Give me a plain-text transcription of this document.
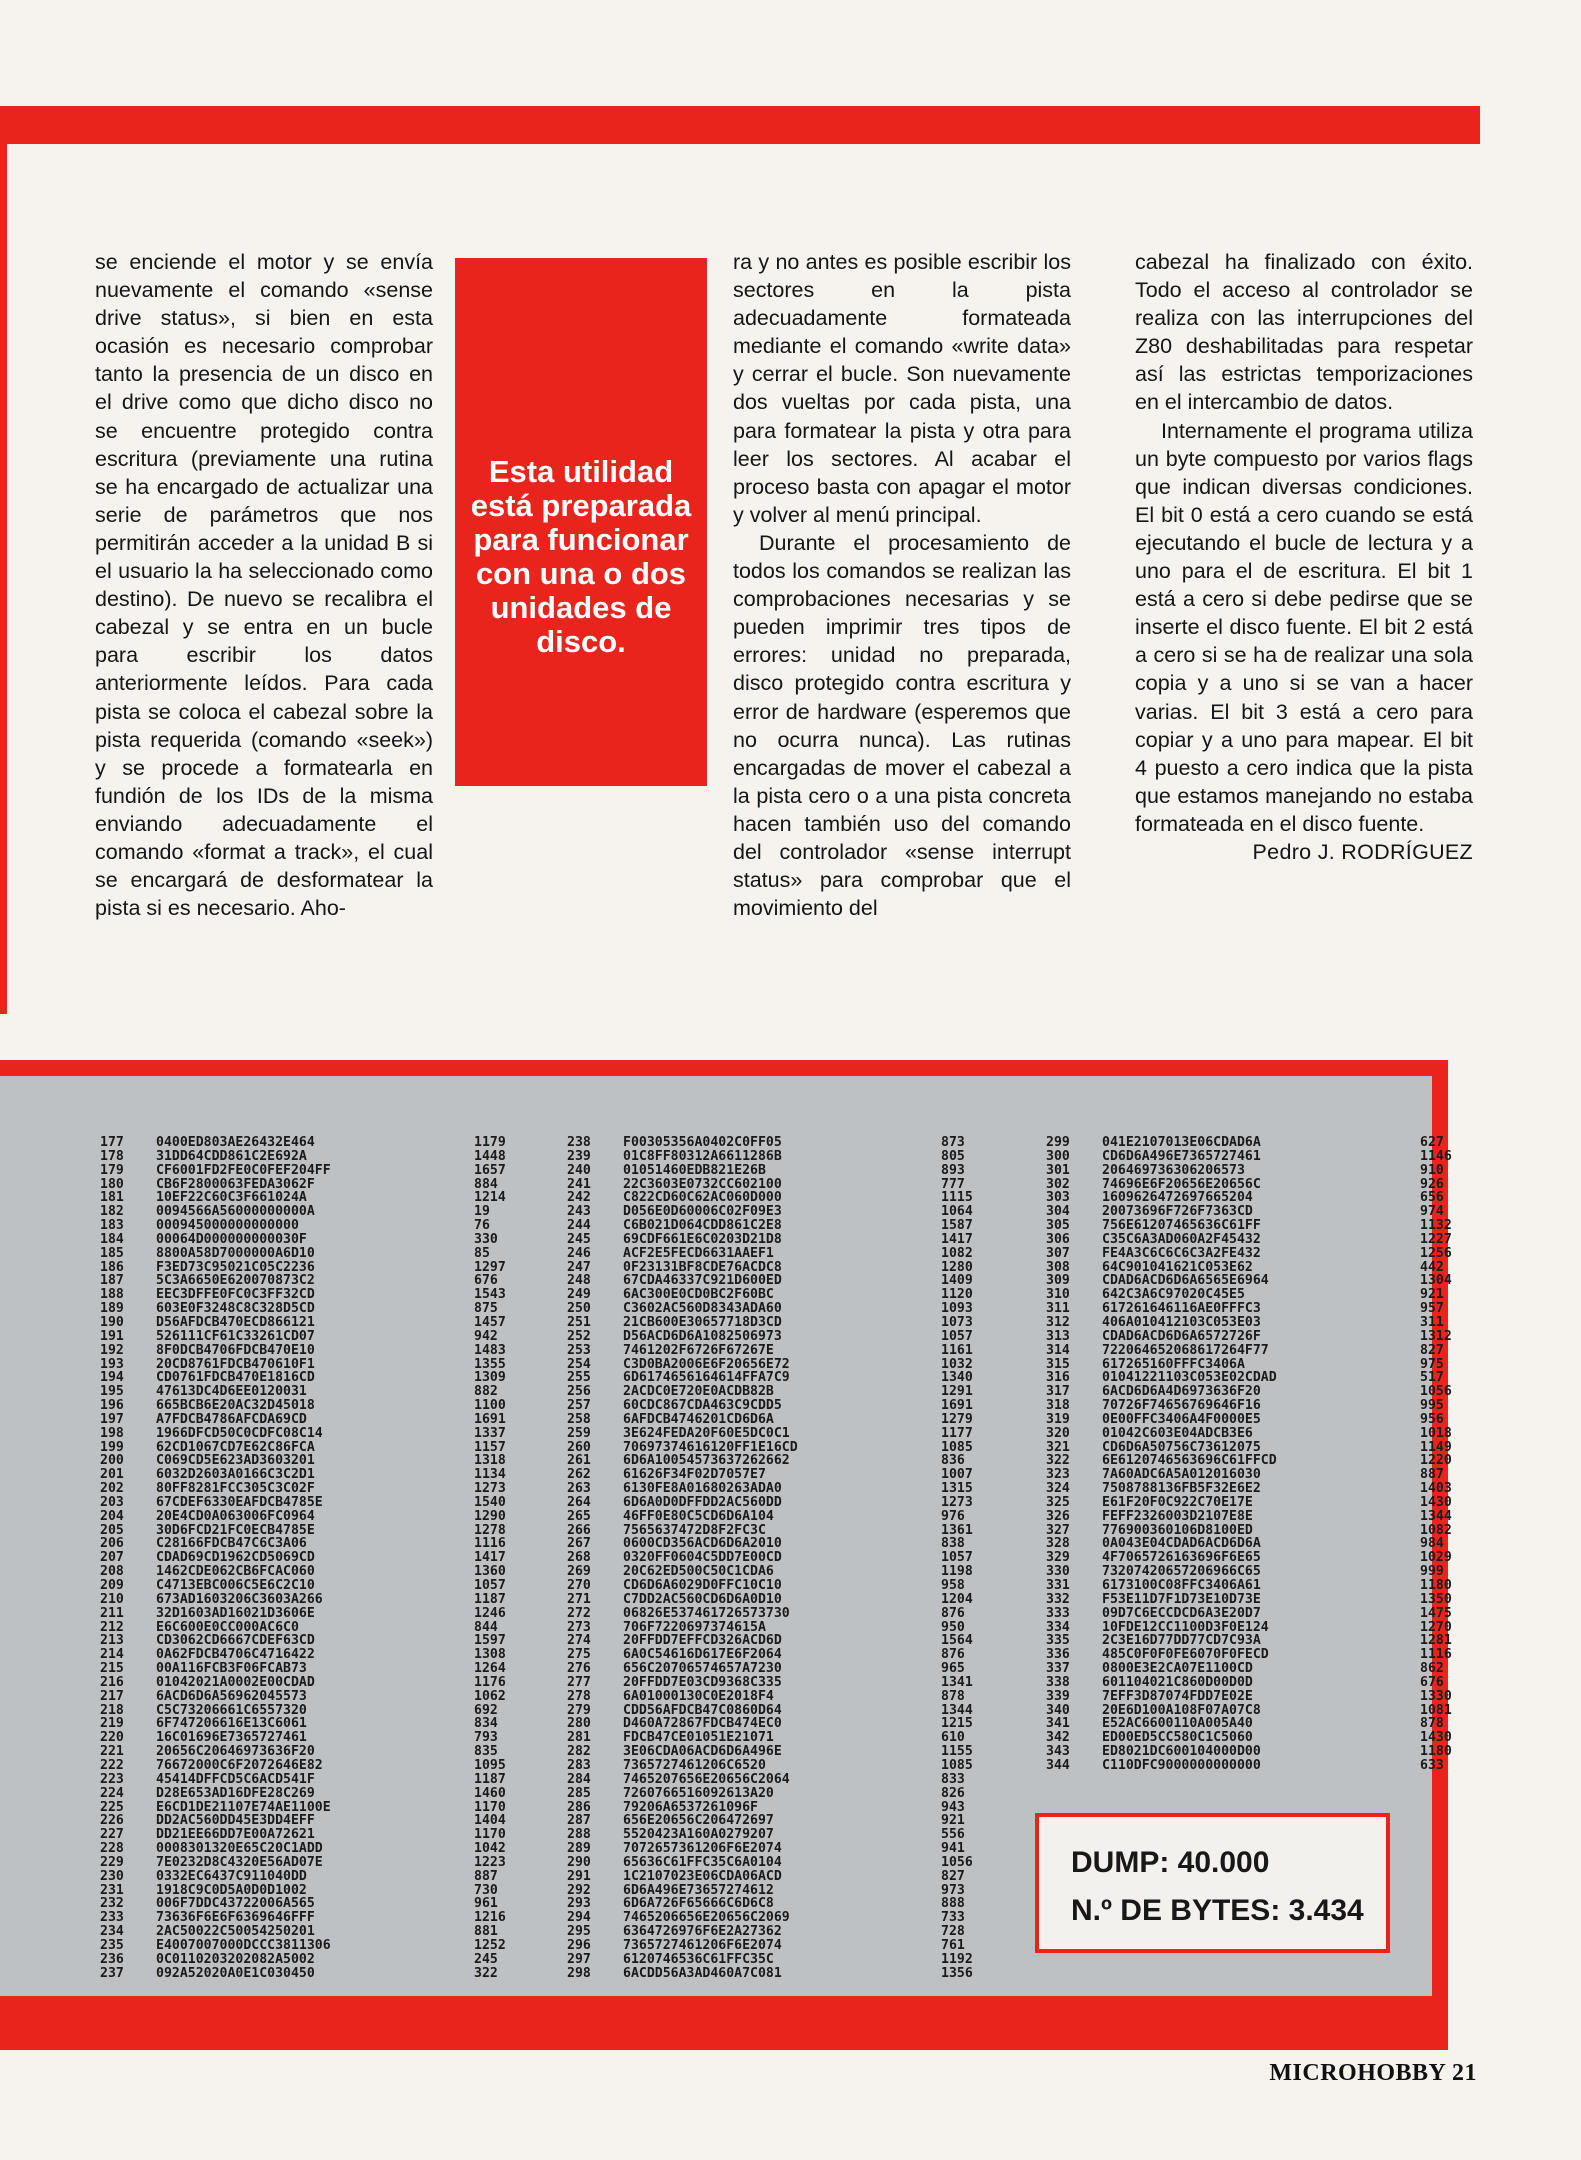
se enciende el motor y se envía nuevamente el comando «sense drive status», si bien en esta ocasión es necesario comprobar tanto la presencia de un disco en el drive como que dicho disco no se encuentre protegido contra escritura (previamente una rutina se ha encargado de actualizar una serie de parámetros que nos permitirán acceder a la unidad B si el usuario la ha seleccionado como destino). De nuevo se recalibra el cabezal y se entra en un bucle para escribir los datos anteriormente leídos. Para cada pista se coloca el cabezal sobre la pista requerida (comando «seek») y se procede a formatearla en fundión de los IDs de la misma enviando adecuadamente el comando «format a track», el cual se encargará de desformatear la pista si es necesario. Aho-

Esta utilidad está preparada para funcionar con una o dos unidades de disco.

ra y no antes es posible escribir los sectores en la pista adecuadamente formateada mediante el comando «write data» y cerrar el bucle. Son nuevamente dos vueltas por cada pista, una para formatear la pista y otra para leer los sectores. Al acabar el proceso basta con apagar el motor y volver al menú principal.

Durante el procesamiento de todos los comandos se realizan las comprobaciones necesarias y se pueden imprimir tres tipos de errores: unidad no preparada, disco protegido contra escritura y error de hardware (esperemos que no ocurra nunca). Las rutinas encargadas de mover el cabezal a la pista cero o a una pista concreta hacen también uso del comando del controlador «sense interrupt status» para comprobar que el movimiento del

cabezal ha finalizado con éxito. Todo el acceso al controlador se realiza con las interrupciones del Z80 deshabilitadas para respetar así las estrictas temporizaciones en el intercambio de datos.

Internamente el programa utiliza un byte compuesto por varios flags que indican diversas condiciones. El bit 0 está a cero cuando se está ejecutando el bucle de lectura y a uno para el de escritura. El bit 1 está a cero si debe pedirse que se inserte el disco fuente. El bit 2 está a cero si se ha de realizar una sola copia y a uno si se van a hacer varias. El bit 3 está a cero para copiar y a uno para mapear. El bit 4 puesto a cero indica que la pista que estamos manejando no estaba formateada en el disco fuente.

Pedro J. RODRÍGUEZ

177 0400ED803AE26432E464	1179
178 31DD64CDD861C2E692A	1448
179 CF6001FD2FE0C0FEF204FF	1657
180 CB6F2800063FEDA3062F	884
181 10EF22C60C3F661024A	1214
182 0094566A56000000000A	19
183 000945000000000000	76
184 00064D000000000030F	330
185 8800A58D7000000A6D10	85
186 F3ED73C95021C05C2236	1297
187 5C3A6650E620070873C2	676
188 EEC3DFFE0FC0C3FF32CD	1543
189 603E0F3248C8C328D5CD	875
190 D56AFDCB470ECD866121	1457
191 526111CF61C33261CD07	942
192 8F0DCB4706FDCB470E10	1483
193 20CD8761FDCB470610F1	1355
194 CD0761FDCB470E1816CD	1309
195 47613DC4D6EE0120031	882
196 665BCB6E20AC32D45018	1100
197 A7FDCB4786AFCDA69CD	1691
198 1966DFCD50C0CDFC08C14	1337
199 62CD1067CD7E62C86FCA	1157
200 C069CD5E623AD3603201	1318
201 6032D2603A0166C3C2D1	1134
202 80FF8281FCC305C3C02F	1273
203 67CDEF6330EAFDCB4785E	1540
204 20E4CD0A063006FC0964	1290
205 30D6FCD21FC0ECB4785E	1278
206 C28166FDCB47C6C3A06	1116
207 CDAD69CD1962CD5069CD	1417
208 1462CDE062CB6FCAC060	1360
209 C4713EBC006C5E6C2C10	1057
210 673AD1603206C3603A266	1187
211 32D1603AD16021D3606E	1246
212 E6C600E0CC000AC6C0	844
213 CD3062CD6667CDEF63CD	1597
214 0A62FDCB4706C4716422	1308
215 00A116FCB3F06FCAB73	1264
216 01042021A0002E00CDAD	1176
217 6ACD6D6A56962045573	1062
218 C5C73206661C6557320	692
219 6F747206616E13C6061	834
220 16C01696E7365727461	793
221 20656C20646973636F20	835
222 76672000C6F2072646E82	1095
223 45414DFFCD5C6ACD541F	1187
224 D28E653AD16DFE28C269	1460
225 E6CD1DE21107E74AE1100E	1170
226 DD2AC560DD45E3DD4EFF	1404
227 DD21EE66DD7E00A72621	1170
228 0008301320E65C20C1ADD	1042
229 7E0232D8C4320E56AD07E	1223
230 0332EC6437C911040DD	887
231 1918C9C0D5A0D0D1002	730
232 006F7DDC43722006A565	961
233 73636F6E6F6369646FFF	1216
234 2AC50022C50054250201	881
235 E4007007000DCCC3811306	1252
236 0C0110203202082A5002	245
237 092A52020A0E1C030450	322
238 F00305356A0402C0FF05	873
239 01C8FF80312A6611286B	805
240 01051460EDB821E26B	893
241 22C3603E0732CC602100	777
242 C822CD60C62AC060D000	1115
243 D056E0D60006C02F09E3	1064
244 C6B021D064CDD861C2E8	1587
245 69CDF661E6C0203D21D8	1417
246 ACF2E5FECD6631AAEF1	1082
247 0F23131BF8CDE76ACDC8	1280
248 67CDA46337C921D600ED	1409
249 6AC300E0CD0BC2F60BC	1120
250 C3602AC560D8343ADA60	1093
251 21CB600E30657718D3CD	1073
252 D56ACD6D6A1082506973	1057
253 7461202F6726F67267E	1161
254 C3D0BA2006E6F20656E72	1032
255 6D6174656164614FFA7C9	1340
256 2ACDC0E720E0ACDB82B	1291
257 60CDC867CDA463C9CDD5	1691
258 6AFDCB4746201CD6D6A	1279
259 3E624FEDA20F60E5DC0C1	1177
260 70697374616120FF1E16CD	1085
261 6D6A10054573637262662	836
262 61626F34F02D7057E7	1007
263 6130FE8A01680263ADA0	1315
264 6D6A0D0DFFDD2AC560DD	1273
265 46FF0E80C5CD6D6A104	976
266 7565637472D8F2FC3C	1361
267 0600CD356ACD6D6A2010	838
268 0320FF0604C5DD7E00CD	1057
269 20C62ED500C50C1CDA6	1198
270 CD6D6A6029D0FFC10C10	958
271 C7DD2AC560CD6D6A0D10	1204
272 06826E537461726573730	876
273 706F7220697374615A	950
274 20FFDD7EFFCD326ACD6D	1564
275 6A0C54616D617E6F2064	876
276 656C20706574657A7230	965
277 20FFDD7E03CD9368C335	1341
278 6A01000130C0E2018F4	878
279 CDD56AFDCB47C0860D64	1344
280 D460A72867FDCB474EC0	1215
281 FDCB47CE01051E21071	610
282 3E06CDA06ACD6D6A496E	1155
283 7365727461206C6520	1085
284 7465207656E20656C2064	833
285 7260766516092613A20	826
286 79206A6537261096F	943
287 656E20656C206472697	921
288 5520423A160A0279207	556
289 7072657361206F6E2074	941
290 65636C61FFC35C6A0104	1056
291 1C2107023E06CDA06ACD	827
292 6D6A496E73657274612	973
293 6D6A726F65666C6D6C8	888
294 7465206656E20656C2069	733
295 6364726976F6E2A27362	728
296 7365727461206F6E2074	761
297 6120746536C61FFC35C	1192
298 6ACDD56A3AD460A7C081	1356
299 041E2107013E06CDAD6A	627
300 CD6D6A496E7365727461	1146
301 206469736306206573	910
302 74696E6F20656E20656C	926
303 1609626472697665204	656
304 20073696F726F7363CD	974
305 756E61207465636C61FF	1132
306 C35C6A3AD060A2F45432	1227
307 FE4A3C6C6C6C3A2FE432	1256
308 64C901041621C053E62	442
309 CDAD6ACD6D6A6565E6964	1304
310 642C3A6C97020C45E5	921
311 617261646116AE0FFFC3	957
312 406A010412103C053E03	311
313 CDAD6ACD6D6A6572726F	1312
314 722064652068617264F77	827
315 617265160FFFC3406A	975
316 01041221103C053E02CDAD	517
317 6ACD6D6A4D6973636F20	1056
318 70726F74656769646F16	995
319 0E00FFC3406A4F0000E5	956
320 01042C603E04ADCB3E6	1018
321 CD6D6A50756C73612075	1149
322 6E6120746563696C61FFCD	1220
323 7A60ADC6A5A012016030	887
324 7508788136FB5F32E6E2	1403
325 E61F20F0C922C70E17E	1430
326 FEFF2326003D2107E8E	1344
327 776900360106D8100ED	1082
328 0A043E04CDAD6ACD6D6A	984
329 4F7065726163696F6E65	1029
330 73207420657206966C65	999
331 6173100C08FFC3406A61	1180
332 F53E11D7F1D73E10D73E	1350
333 09D7C6ECCDCD6A3E20D7	1475
334 10FDE12CC1100D3F0E124	1270
335 2C3E16D77DD77CD7C93A	1281
336 485C0F0F0FE6070F0FECD	1116
337 0800E3E2CA07E1100CD	862
338 601104021C860D00D0D	676
339 7EFF3D87074FDD7E02E	1330
340 20E6D100A108F07A07C8	1081
341 E52AC6600110A005A40	878
342 ED00ED5CC580C1C5060	1430
343 ED8021DC600104000D00	1180
344 C110DFC9000000000000	633
DUMP: 40.000
N.º DE BYTES: 3.434
MICROHOBBY 21
